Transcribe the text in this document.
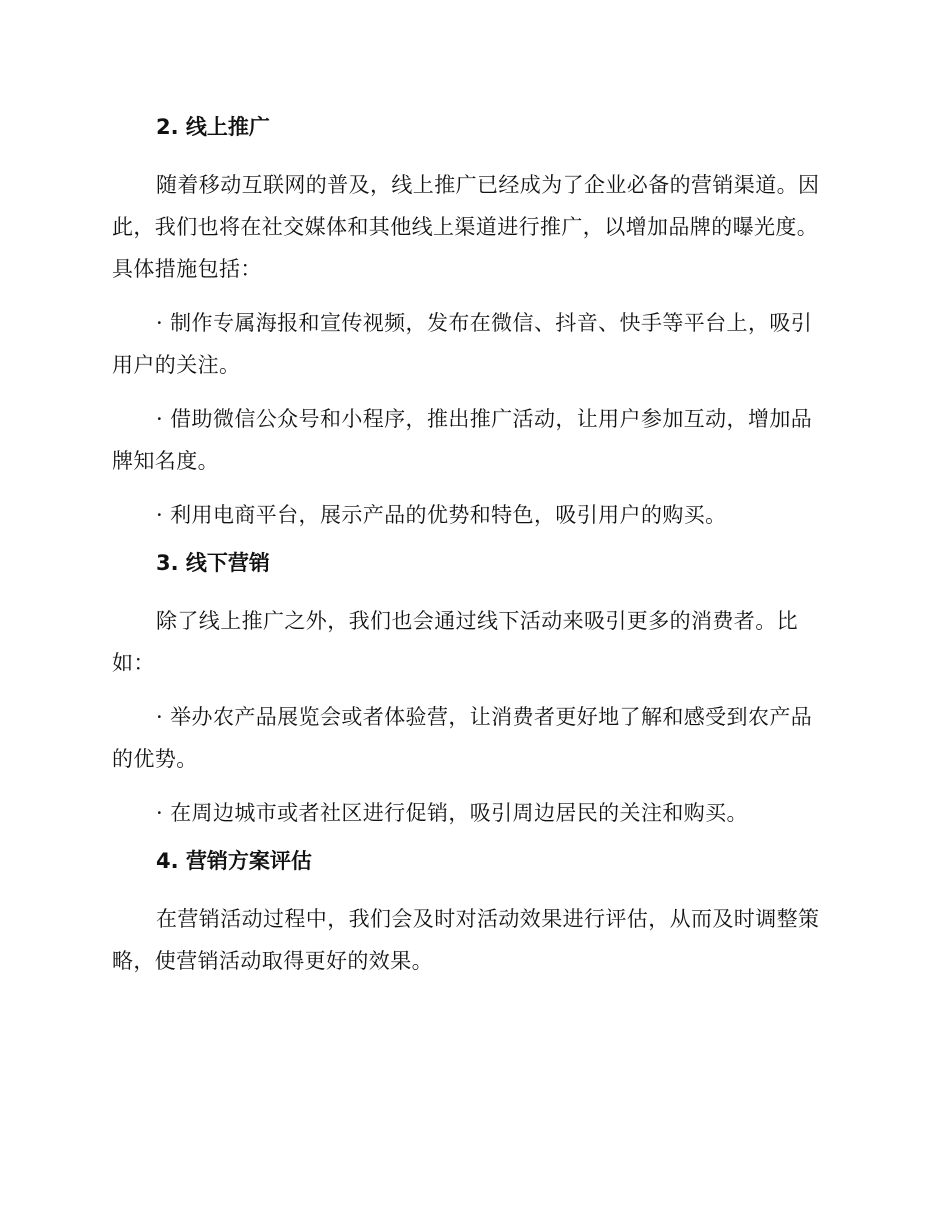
2. 线上推广

随着移动互联网的普及，线上推广已经成为了企业必备的营销渠道。因此，我们也将在社交媒体和其他线上渠道进行推广，以增加品牌的曝光度。具体措施包括：

· 制作专属海报和宣传视频，发布在微信、抖音、快手等平台上，吸引用户的关注。

· 借助微信公众号和小程序，推出推广活动，让用户参加互动，增加品牌知名度。

· 利用电商平台，展示产品的优势和特色，吸引用户的购买。

3. 线下营销

除了线上推广之外，我们也会通过线下活动来吸引更多的消费者。比如：

· 举办农产品展览会或者体验营，让消费者更好地了解和感受到农产品的优势。

· 在周边城市或者社区进行促销，吸引周边居民的关注和购买。

4. 营销方案评估

在营销活动过程中，我们会及时对活动效果进行评估，从而及时调整策略，使营销活动取得更好的效果。
